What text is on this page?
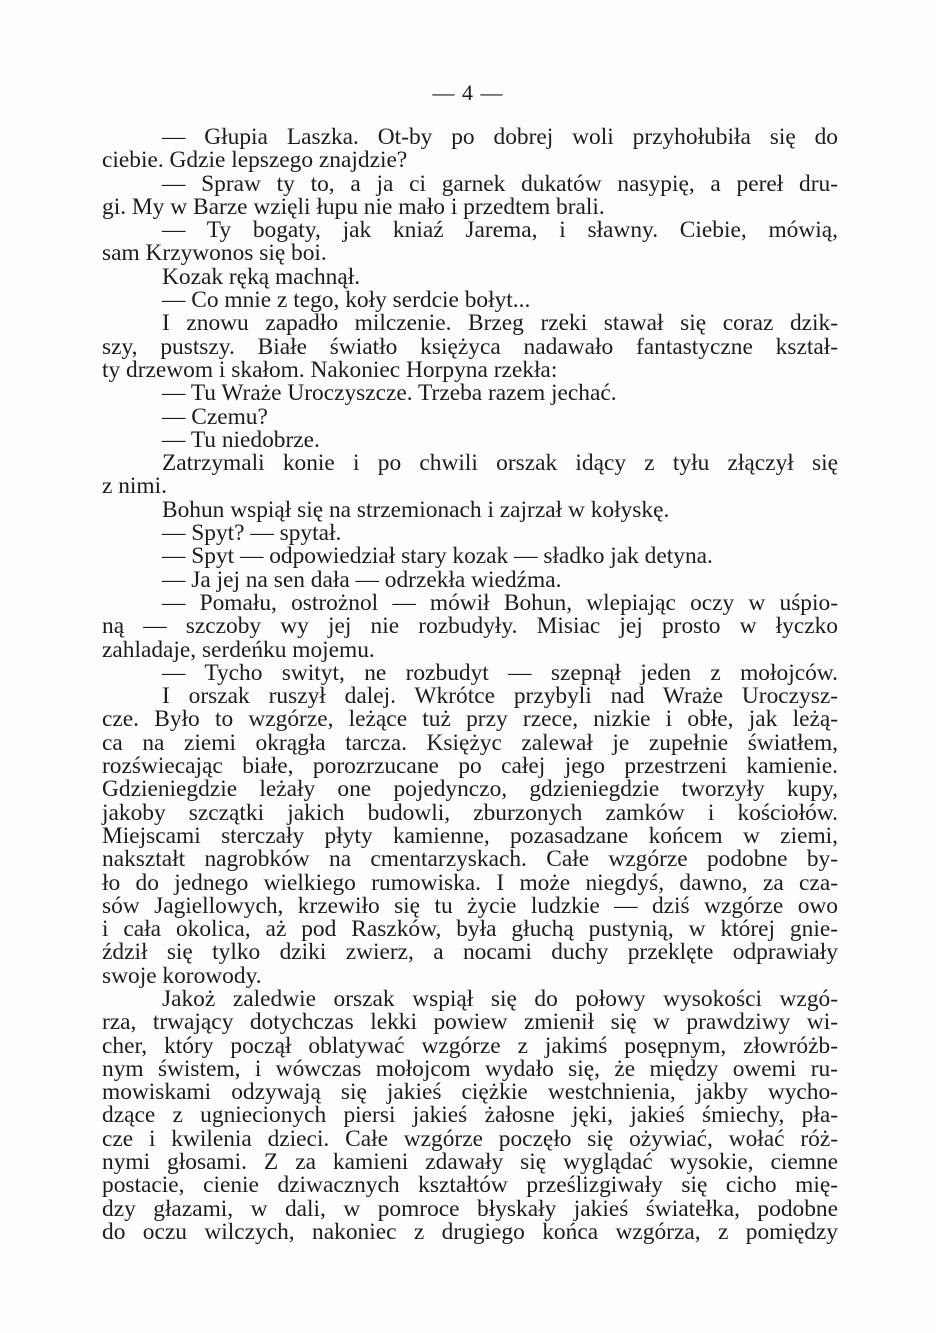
— 4 —
— Głupia Laszka. Ot-by po dobrej woli przyhołubiła się do
ciebie. Gdzie lepszego znajdzie?
— Spraw ty to, a ja ci garnek dukatów nasypię, a pereł dru-
gi. My w Barze wzięli łupu nie mało i przedtem brali.
— Ty bogaty, jak kniaź Jarema, i sławny. Ciebie, mówią,
sam Krzywonos się boi.
Kozak ręką machnął.
— Co mnie z tego, koły serdcie bołyt...
I znowu zapadło milczenie. Brzeg rzeki stawał się coraz dzik-
szy, pustszy. Białe światło księżyca nadawało fantastyczne kształ-
ty drzewom i skałom. Nakoniec Horpyna rzekła:
— Tu Wraże Uroczyszcze. Trzeba razem jechać.
— Czemu?
— Tu niedobrze.
Zatrzymali konie i po chwili orszak idący z tyłu złączył się
z nimi.
Bohun wspiął się na strzemionach i zajrzał w kołyskę.
— Spyt? — spytał.
— Spyt — odpowiedział stary kozak — sładko jak detyna.
— Ja jej na sen dała — odrzekła wiedźma.
— Pomału, ostrożnol — mówił Bohun, wlepiając oczy w uśpio-
ną — szczoby wy jej nie rozbudyły. Misiac jej prosto w łyczko
zahladaje, serdeńku mojemu.
— Tycho swityt, ne rozbudyt — szepnął jeden z mołojców.
I orszak ruszył dalej. Wkrótce przybyli nad Wraże Uroczysz-
cze. Było to wzgórze, leżące tuż przy rzece, nizkie i obłe, jak leżą-
ca na ziemi okrągła tarcza. Księżyc zalewał je zupełnie światłem,
rozświecając białe, porozrzucane po całej jego przestrzeni kamienie.
Gdzieniegdzie leżały one pojedynczo, gdzieniegdzie tworzyły kupy,
jakoby szczątki jakich budowli, zburzonych zamków i kościołów.
Miejscami sterczały płyty kamienne, pozasadzane końcem w ziemi,
nakształt nagrobków na cmentarzyskach. Całe wzgórze podobne by-
ło do jednego wielkiego rumowiska. I może niegdyś, dawno, za cza-
sów Jagiellowych, krzewiło się tu życie ludzkie — dziś wzgórze owo
i cała okolica, aż pod Raszków, była głuchą pustynią, w której gnie-
ździł się tylko dziki zwierz, a nocami duchy przeklęte odprawiały
swoje korowody.
Jakoż zaledwie orszak wspiął się do połowy wysokości wzgó-
rza, trwający dotychczas lekki powiew zmienił się w prawdziwy wi-
cher, który począł oblatywać wzgórze z jakimś posępnym, złowróżb-
nym świstem, i wówczas mołojcom wydało się, że między owemi ru-
mowiskami odzywają się jakieś ciężkie westchnienia, jakby wycho-
dzące z ugniecionych piersi jakieś żałosne jęki, jakieś śmiechy, pła-
cze i kwilenia dzieci. Całe wzgórze poczęło się ożywiać, wołać róż-
nymi głosami. Z za kamieni zdawały się wyglądać wysokie, ciemne
postacie, cienie dziwacznych kształtów prześlizgiwały się cicho mię-
dzy głazami, w dali, w pomroce błyskały jakieś światełka, podobne
do oczu wilczych, nakoniec z drugiego końca wzgórza, z pomiędzy
